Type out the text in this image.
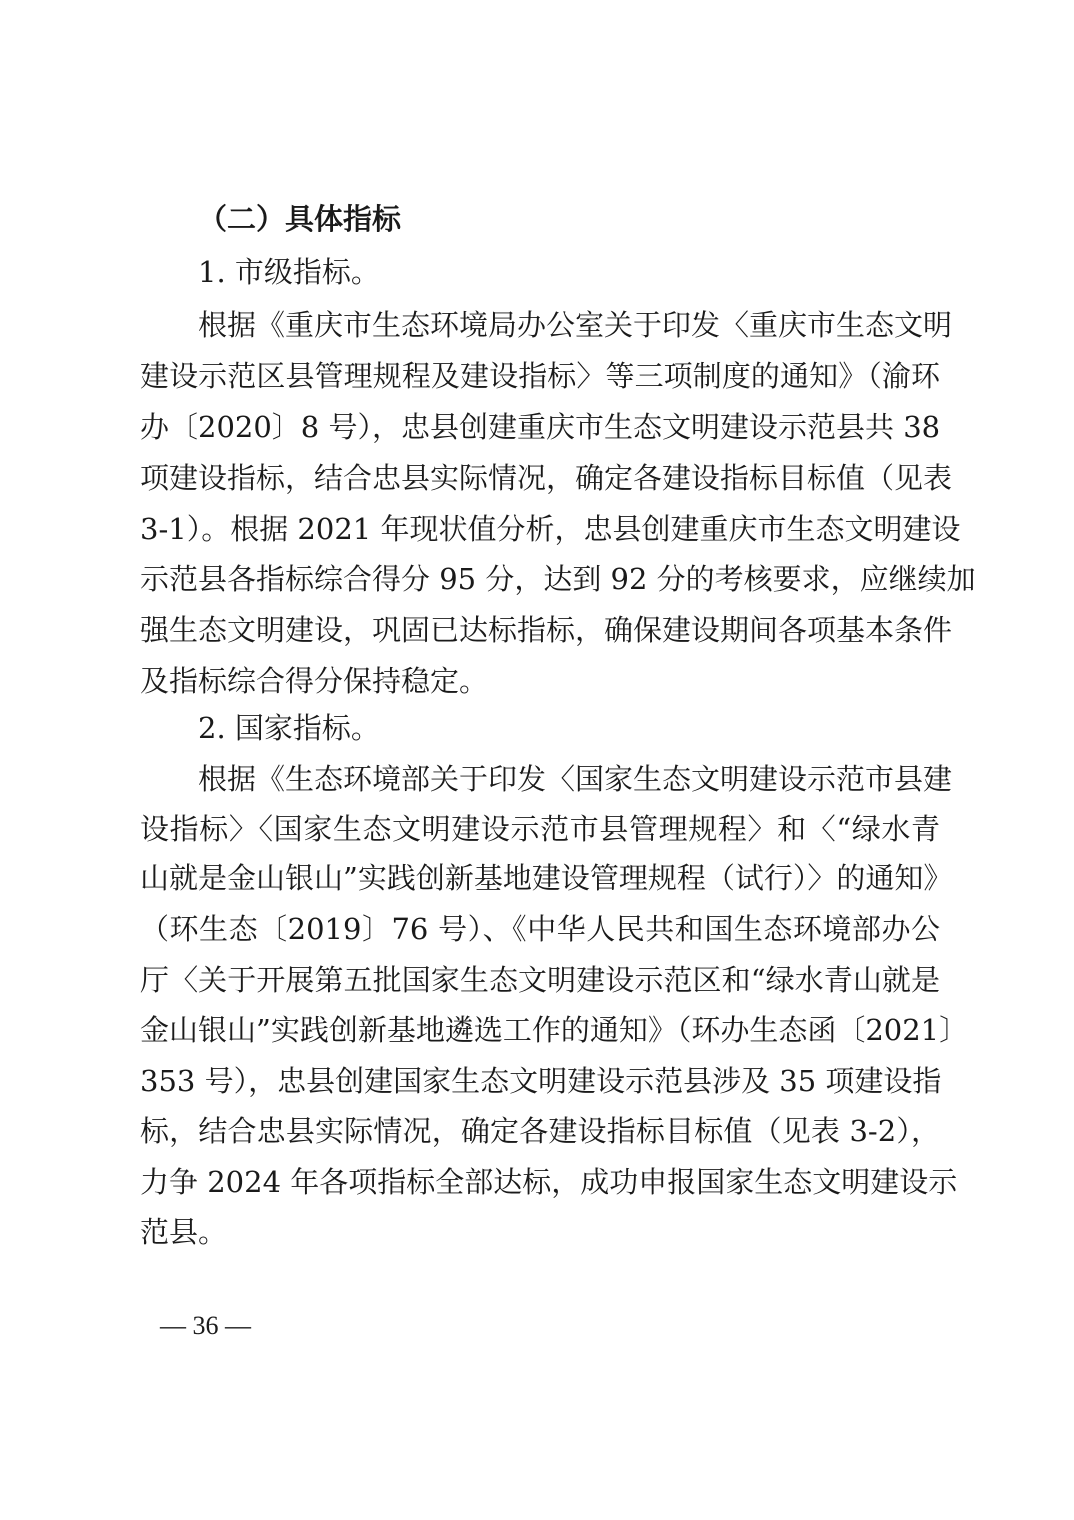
（二）具体指标
1. 市级指标。
根据《重庆市生态环境局办公室关于印发〈重庆市生态文明
建设示范区县管理规程及建设指标〉等三项制度的通知》（渝环
办〔2020〕8 号），忠县创建重庆市生态文明建设示范县共 38
项建设指标，结合忠县实际情况，确定各建设指标目标值（见表
3-1）。根据 2021 年现状值分析，忠县创建重庆市生态文明建设
示范县各指标综合得分 95 分，达到 92 分的考核要求，应继续加
强生态文明建设，巩固已达标指标，确保建设期间各项基本条件
及指标综合得分保持稳定。
2. 国家指标。
根据《生态环境部关于印发〈国家生态文明建设示范市县建
设指标〉〈国家生态文明建设示范市县管理规程〉和〈“绿水青
山就是金山银山”实践创新基地建设管理规程（试行）〉的通知》
（环生态〔2019〕76 号）、《中华人民共和国生态环境部办公
厅〈关于开展第五批国家生态文明建设示范区和“绿水青山就是
金山银山”实践创新基地遴选工作的通知》（环办生态函〔2021〕
353 号），忠县创建国家生态文明建设示范县涉及 35 项建设指
标，结合忠县实际情况，确定各建设指标目标值（见表 3-2），
力争 2024 年各项指标全部达标，成功申报国家生态文明建设示
范县。
— 36 —
